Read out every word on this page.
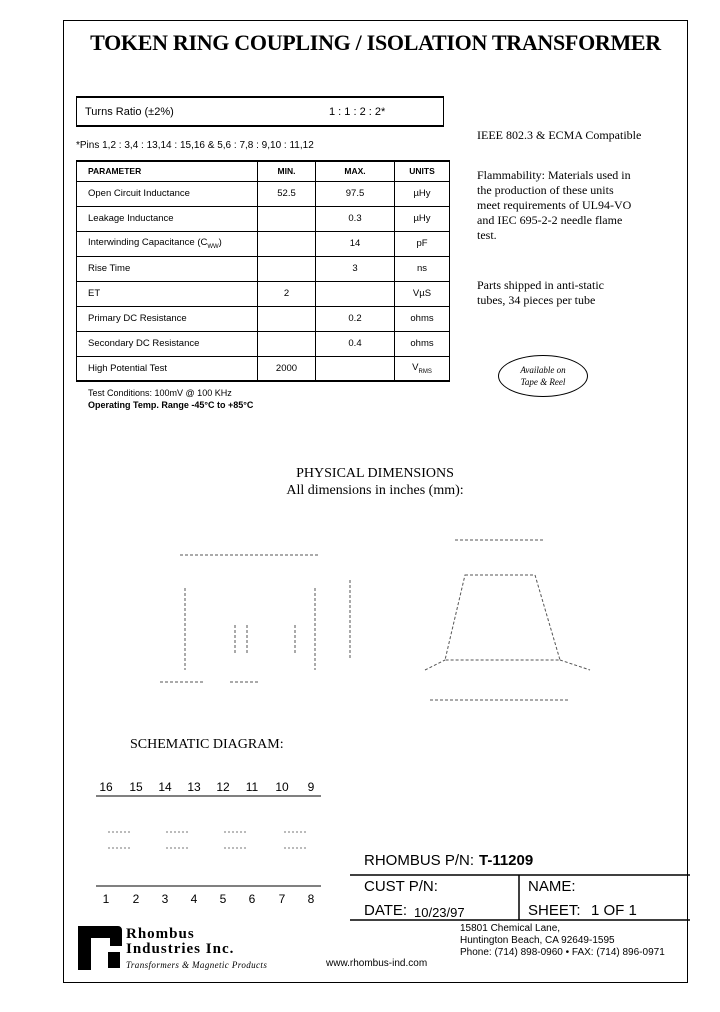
TOKEN RING COUPLING / ISOLATION TRANSFORMER
Turns Ratio (±2%)	1 : 1 : 2 : 2*
*Pins 1,2 : 3,4 : 13,14 : 15,16 & 5,6 : 7,8 : 9,10 : 11,12
PARAMETER	MIN.	MAX.	UNITS
Open Circuit Inductance	52.5	97.5	µHy
Leakage Inductance		0.3	µHy
Interwinding Capacitance $(C_{WW})$		14	pF
Rise Time		3	ns
ET	2		VµS
Primary DC Resistance		0.2	ohms
Secondary DC Resistance		0.4	ohms
High Potential Test	2000		$V_{RMS}$
Test Conditions: 100mV @ 100 KHz
Operating Temp. Range -45°C to +85°C
IEEE 802.3 & ECMA Compatible
Flammability: Materials used in
the production of these units
meet requirements of UL94-VO
and IEC 695-2-2 needle flame
test.
Parts shipped in anti-static
tubes, 34 pieces per tube
Available on
Tape & Reel
PHYSICAL DIMENSIONS
All dimensions in inches (mm):
SCHEMATIC DIAGRAM:
16 15 14 13 12	11	10	9
1	2	3	4	5	6	7	8
RHOMBUS P/N: T-11209
CUST P/N:	NAME:
DATE: 10/23/97	SHEET: 1 OF 1
Rhombus
Industries Inc.
Transformers & Magnetic Products	www.rhombus-ind.com
15801 Chemical Lane,
Huntington Beach, CA 92649-1595
Phone: (714) 898-0960 • FAX: (714) 896-0971
